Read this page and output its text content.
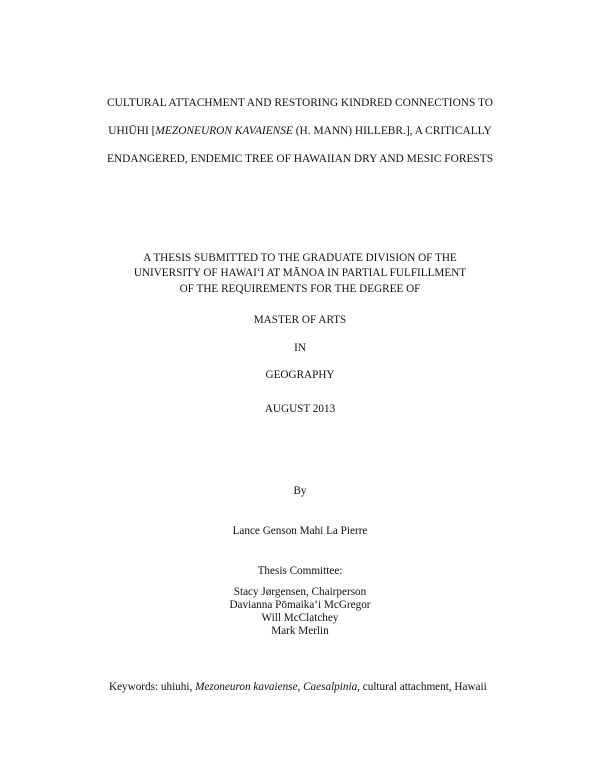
CULTURAL ATTACHMENT AND RESTORING KINDRED CONNECTIONS TO

UHIŪHI [MEZONEURON KAVAIENSE (H. MANN) HILLEBR.], A CRITICALLY

ENDANGERED, ENDEMIC TREE OF HAWAIIAN DRY AND MESIC FORESTS

A THESIS SUBMITTED TO THE GRADUATE DIVISION OF THE

UNIVERSITY OF HAWAIʻI AT MĀNOA IN PARTIAL FULFILLMENT

OF THE REQUIREMENTS FOR THE DEGREE OF

MASTER OF ARTS

IN

GEOGRAPHY

AUGUST 2013

By

Lance Genson Mahi La Pierre

Thesis Committee:

Stacy Jørgensen, Chairperson

Davianna Pōmaikaʻi McGregor

Will McClatchey

Mark Merlin

Keywords: uhiuhi, Mezoneuron kavaiense, Caesalpinia, cultural attachment, Hawaii
